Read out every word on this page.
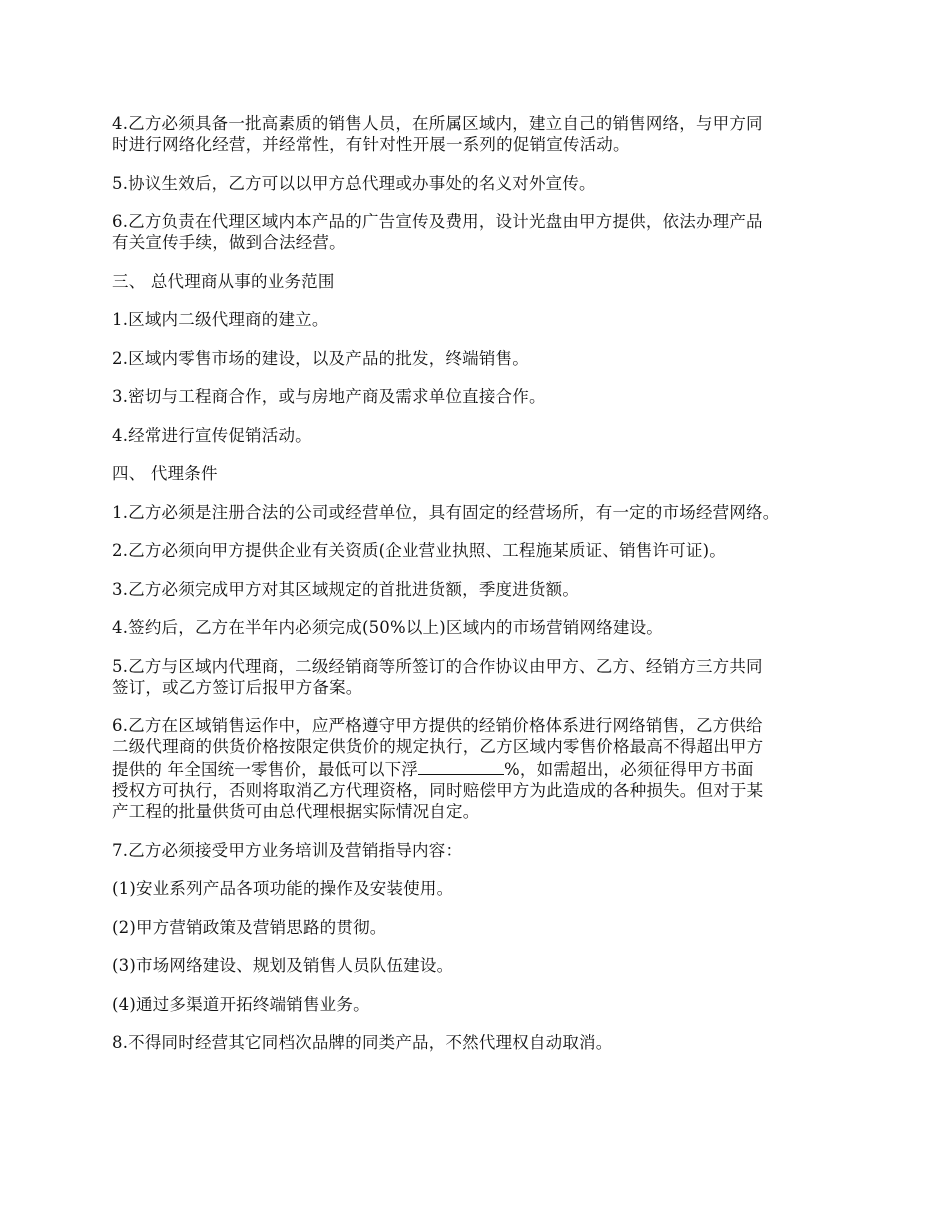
4.乙方必须具备一批高素质的销售人员，在所属区域内，建立自己的销售网络，与甲方同
时进行网络化经营，并经常性，有针对性开展一系列的促销宣传活动。

5.协议生效后，乙方可以以甲方总代理或办事处的名义对外宣传。

6.乙方负责在代理区域内本产品的广告宣传及费用，设计光盘由甲方提供，依法办理产品
有关宣传手续，做到合法经营。

三、 总代理商从事的业务范围

1.区域内二级代理商的建立。

2.区域内零售市场的建设，以及产品的批发，终端销售。

3.密切与工程商合作，或与房地产商及需求单位直接合作。

4.经常进行宣传促销活动。

四、 代理条件

1.乙方必须是注册合法的公司或经营单位，具有固定的经营场所，有一定的市场经营网络。

2.乙方必须向甲方提供企业有关资质(企业营业执照、工程施某质证、销售许可证)。

3.乙方必须完成甲方对其区域规定的首批进货额，季度进货额。

4.签约后，乙方在半年内必须完成(50%以上)区域内的市场营销网络建设。

5.乙方与区域内代理商，二级经销商等所签订的合作协议由甲方、乙方、经销方三方共同
签订，或乙方签订后报甲方备案。

6.乙方在区域销售运作中，应严格遵守甲方提供的经销价格体系进行网络销售，乙方供给
二级代理商的供货价格按限定供货价的规定执行，乙方区域内零售价格最高不得超出甲方
提供的 年全国统一零售价，最低可以下浮	%，如需超出，必须征得甲方书面
授权方可执行，否则将取消乙方代理资格，同时赔偿甲方为此造成的各种损失。但对于某
产工程的批量供货可由总代理根据实际情况自定。

7.乙方必须接受甲方业务培训及营销指导内容：

(1)安业系列产品各项功能的操作及安装使用。

(2)甲方营销政策及营销思路的贯彻。

(3)市场网络建设、规划及销售人员队伍建设。

(4)通过多渠道开拓终端销售业务。

8.不得同时经营其它同档次品牌的同类产品，不然代理权自动取消。
